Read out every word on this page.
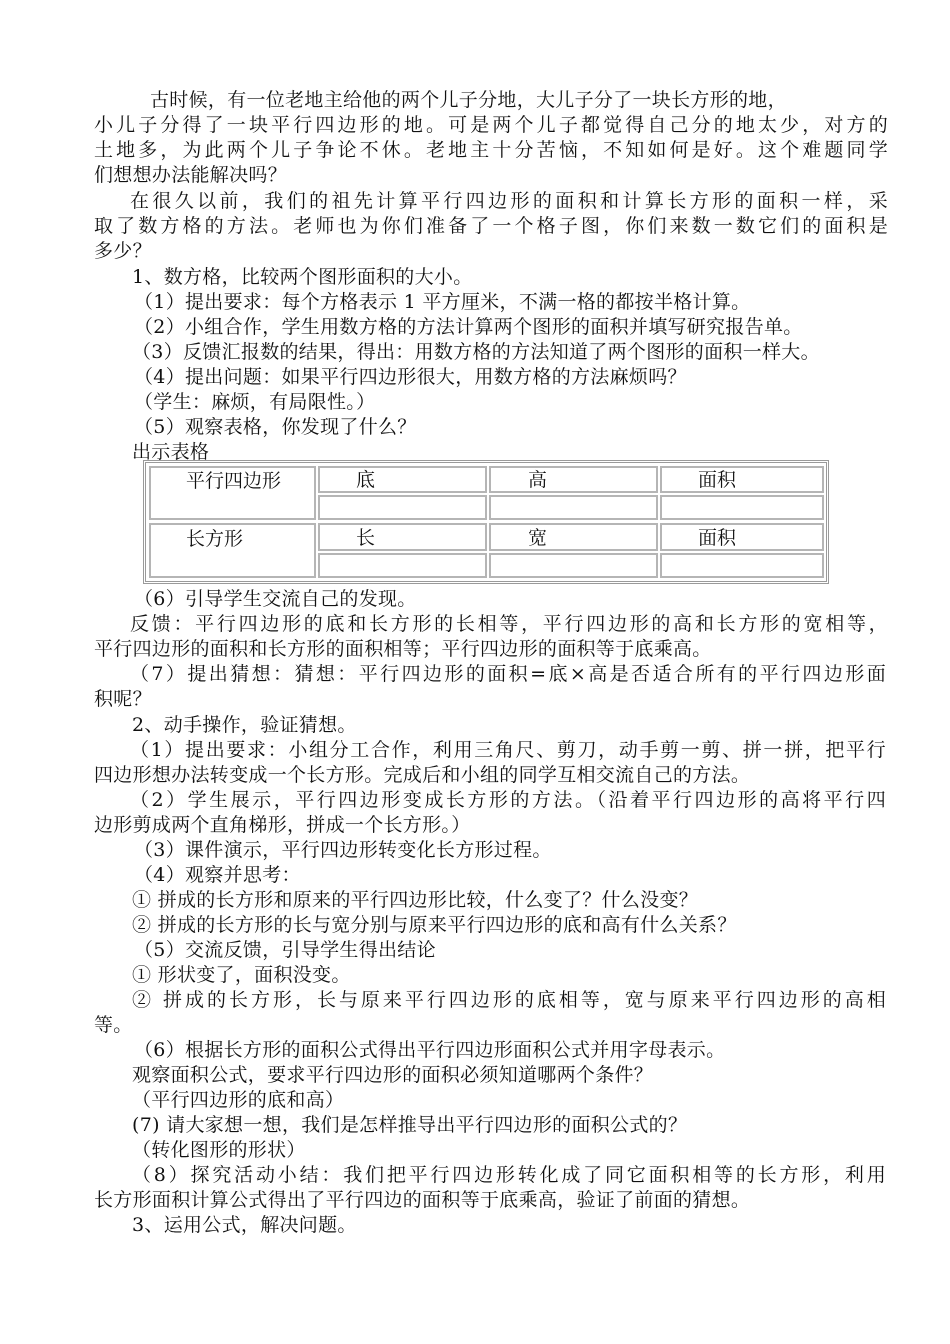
古时候，有一位老地主给他的两个儿子分地，大儿子分了一块长方形的地，
小儿子分得了一块平行四边形的地。可是两个儿子都觉得自己分的地太少，对方的
土地多，为此两个儿子争论不休。老地主十分苦恼，不知如何是好。这个难题同学
们想想办法能解决吗？
在很久以前，我们的祖先计算平行四边形的面积和计算长方形的面积一样，采
取了数方格的方法。老师也为你们准备了一个格子图，你们来数一数它们的面积是
多少？
1、数方格，比较两个图形面积的大小。
（1）提出要求：每个方格表示 1 平方厘米，不满一格的都按半格计算。
（2）小组合作，学生用数方格的方法计算两个图形的面积并填写研究报告单。
（3）反馈汇报数的结果，得出：用数方格的方法知道了两个图形的面积一样大。
（4）提出问题：如果平行四边形很大，用数方格的方法麻烦吗？
（学生：麻烦，有局限性。）
（5）观察表格，你发现了什么？
出示表格
平行四边形	底	高	面积
长方形	长	宽	面积
（6）引导学生交流自己的发现。
反馈：平行四边形的底和长方形的长相等，平行四边形的高和长方形的宽相等，
平行四边形的面积和长方形的面积相等；平行四边形的面积等于底乘高。
（7）提出猜想：猜想：平行四边形的面积=底×高是否适合所有的平行四边形面
积呢？
2、动手操作，验证猜想。
（1）提出要求：小组分工合作，利用三角尺、剪刀，动手剪一剪、拼一拼，把平行
四边形想办法转变成一个长方形。完成后和小组的同学互相交流自己的方法。
（2）学生展示，平行四边形变成长方形的方法。（沿着平行四边形的高将平行四
边形剪成两个直角梯形，拼成一个长方形。）
（3）课件演示，平行四边形转变化长方形过程。
（4）观察并思考：
① 拼成的长方形和原来的平行四边形比较，什么变了？什么没变？
② 拼成的长方形的长与宽分别与原来平行四边形的底和高有什么关系？
（5）交流反馈，引导学生得出结论
① 形状变了，面积没变。
② 拼成的长方形，长与原来平行四边形的底相等，宽与原来平行四边形的高相
等。
（6）根据长方形的面积公式得出平行四边形面积公式并用字母表示。
观察面积公式，要求平行四边形的面积必须知道哪两个条件？
（平行四边形的底和高）
(7) 请大家想一想，我们是怎样推导出平行四边形的面积公式的？
（转化图形的形状）
（8）探究活动小结：我们把平行四边形转化成了同它面积相等的长方形，利用
长方形面积计算公式得出了平行四边的面积等于底乘高，验证了前面的猜想。
3、运用公式，解决问题。
